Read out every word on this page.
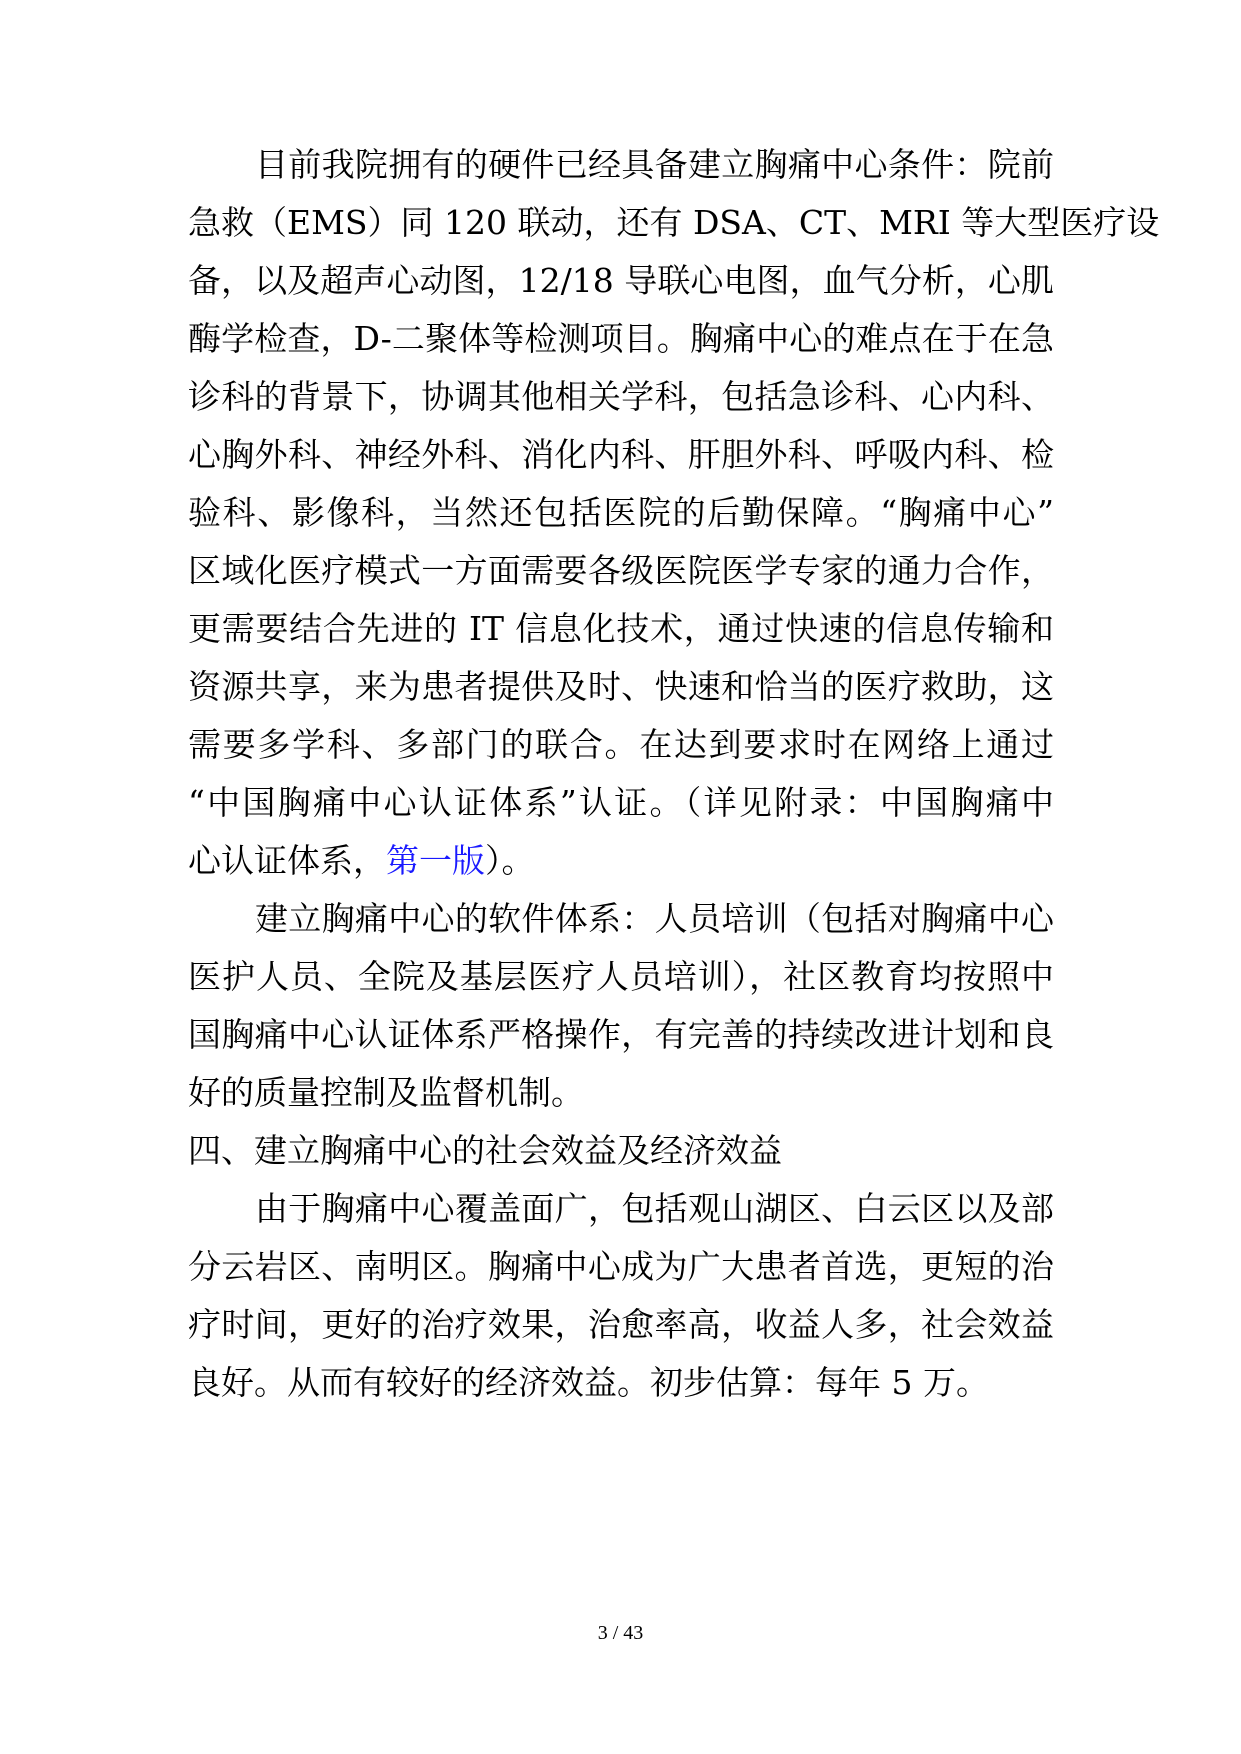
目前我院拥有的硬件已经具备建立胸痛中心条件：院前
急救（EMS）同 120 联动，还有 DSA、CT、MRI 等大型医疗设
备，以及超声心动图，12/18 导联心电图，血气分析，心肌
酶学检查，D-二聚体等检测项目。胸痛中心的难点在于在急
诊科的背景下，协调其他相关学科，包括急诊科、心内科、
心胸外科、神经外科、消化内科、肝胆外科、呼吸内科、检
验科、影像科，当然还包括医院的后勤保障。“胸痛中心”
区域化医疗模式一方面需要各级医院医学专家的通力合作，
更需要结合先进的 IT 信息化技术，通过快速的信息传输和
资源共享，来为患者提供及时、快速和恰当的医疗救助，这
需要多学科、多部门的联合。在达到要求时在网络上通过
“中国胸痛中心认证体系”认证。（详见附录：中国胸痛中
心认证体系，第一版）。
建立胸痛中心的软件体系：人员培训（包括对胸痛中心
医护人员、全院及基层医疗人员培训），社区教育均按照中
国胸痛中心认证体系严格操作，有完善的持续改进计划和良
好的质量控制及监督机制。
四、建立胸痛中心的社会效益及经济效益
由于胸痛中心覆盖面广，包括观山湖区、白云区以及部
分云岩区、南明区。胸痛中心成为广大患者首选，更短的治
疗时间，更好的治疗效果，治愈率高，收益人多，社会效益
良好。从而有较好的经济效益。初步估算：每年 5 万。
3 / 43
